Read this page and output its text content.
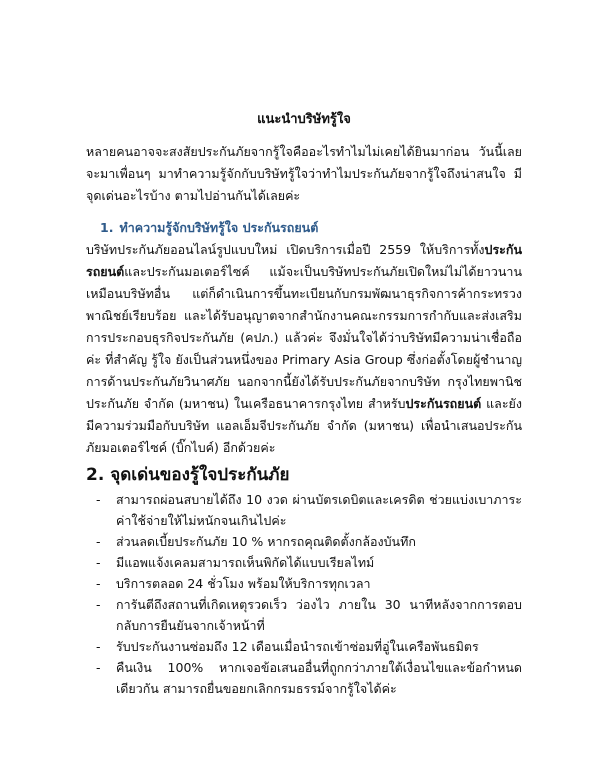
แนะนำบริษัทรู้ใจ

หลายคนอาจจะสงสัยประกันภัยจากรู้ใจคืออะไรทำไมไม่เคยได้ยินมาก่อน วันนี้เลยจะมาเพื่อนๆ มาทำความรู้จักกับบริษัทรู้ใจว่าทำไมประกันภัยจากรู้ใจถึงน่าสนใจ มีจุดเด่นอะไรบ้าง ตามไปอ่านกันได้เลยค่ะ

1. ทำความรู้จักบริษัทรู้ใจ ประกันรถยนต์

บริษัทประกันภัยออนไลน์รูปแบบใหม่ เปิดบริการเมื่อปี 2559 ให้บริการทั้งประกันรถยนต์และประกันมอเตอร์ไซค์ แม้จะเป็นบริษัทประกันภัยเปิดใหม่ไม่ได้ยาวนานเหมือนบริษัทอื่น แต่ก็ดำเนินการขึ้นทะเบียนกับกรมพัฒนาธุรกิจการค้ากระทรวงพาณิชย์เรียบร้อย และได้รับอนุญาตจากสำนักงานคณะกรรมการกำกับและส่งเสริมการประกอบธุรกิจประกันภัย (คปภ.) แล้วค่ะ จึงมั่นใจได้ว่าบริษัทมีความน่าเชื่อถือค่ะ ที่สำคัญ รู้ใจ ยังเป็นส่วนหนึ่งของ Primary Asia Group ซึ่งก่อตั้งโดยผู้ชำนาญการด้านประกันภัยวินาศภัย นอกจากนี้ยังได้รับประกันภัยจากบริษัท กรุงไทยพานิชประกันภัย จำกัด (มหาชน) ในเครือธนาคารกรุงไทย สำหรับประกันรถยนต์ และยังมีความร่วมมือกับบริษัท แอลเอ็มจีประกันภัย จำกัด (มหาชน) เพื่อนำเสนอประกันภัยมอเตอร์ไซค์ (บิ๊กไบค์) อีกด้วยค่ะ

2. จุดเด่นของรู้ใจประกันภัย
- สามารถผ่อนสบายได้ถึง 10 งวด ผ่านบัตรเดบิตและเครดิต ช่วยแบ่งเบาภาระค่าใช้จ่ายให้ไม่หนักจนเกินไปค่ะ
- ส่วนลดเบี้ยประกันภัย 10 % หากรถคุณติดตั้งกล้องบันทึก
- มีแอพแจ้งเคลมสามารถเห็นพิกัดได้แบบเรียลไทม์
- บริการตลอด 24 ชั่วโมง พร้อมให้บริการทุกเวลา
- การันตีถึงสถานที่เกิดเหตุรวดเร็ว ว่องไว ภายใน 30 นาทีหลังจากการตอบกลับการยืนยันจากเจ้าหน้าที่
- รับประกันงานซ่อมถึง 12 เดือนเมื่อนำรถเข้าซ่อมที่อู่ในเครือพันธมิตร
- คืนเงิน 100% หากเจอข้อเสนออื่นที่ถูกกว่าภายใต้เงื่อนไขและข้อกำหนดเดียวกัน สามารถยื่นขอยกเลิกกรมธรรม์จากรู้ใจได้ค่ะ
